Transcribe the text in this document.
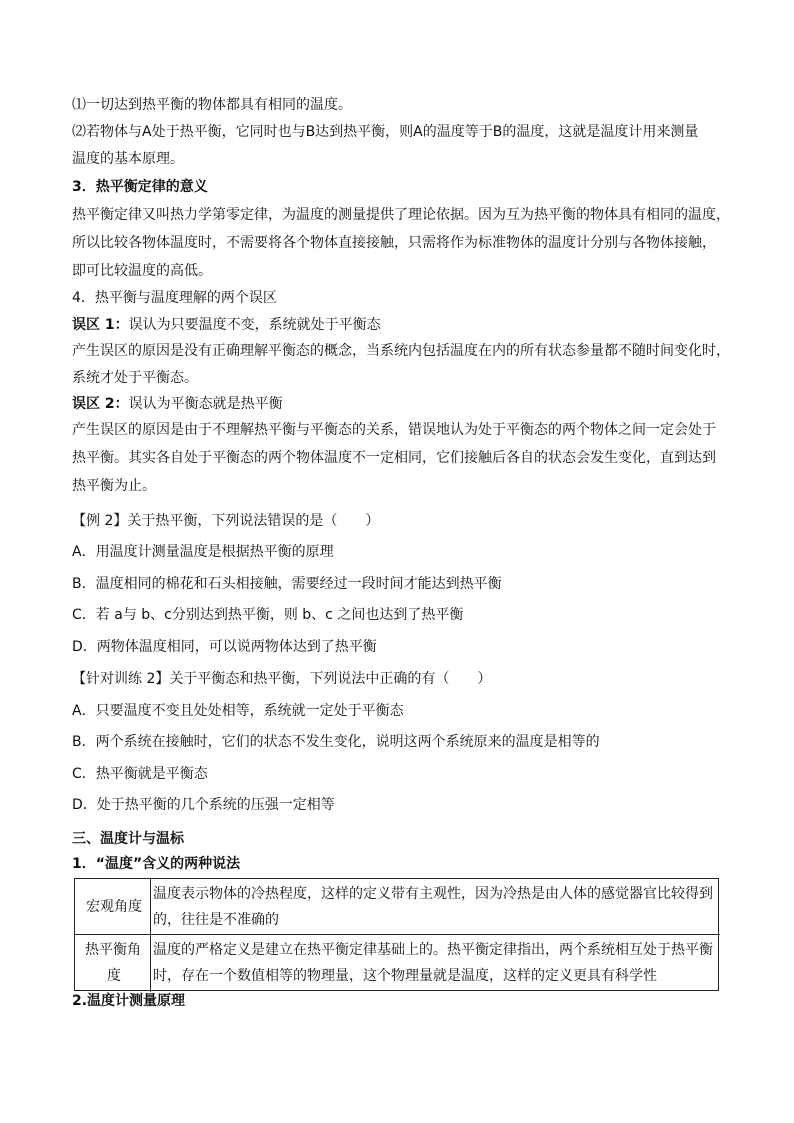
⑴一切达到热平衡的物体都具有相同的温度。
⑵若物体与A处于热平衡，它同时也与B达到热平衡，则A的温度等于B的温度，这就是温度计用来测量
温度的基本原理。
3．热平衡定律的意义
热平衡定律又叫热力学第零定律，为温度的测量提供了理论依据。因为互为热平衡的物体具有相同的温度，
所以比较各物体温度时，不需要将各个物体直接接触，只需将作为标准物体的温度计分别与各物体接触，
即可比较温度的高低。
4．热平衡与温度理解的两个误区
误区 1：误认为只要温度不变，系统就处于平衡态
产生误区的原因是没有正确理解平衡态的概念，当系统内包括温度在内的所有状态参量都不随时间变化时，
系统才处于平衡态。
误区 2：误认为平衡态就是热平衡
产生误区的原因是由于不理解热平衡与平衡态的关系，错误地认为处于平衡态的两个物体之间一定会处于
热平衡。其实各自处于平衡态的两个物体温度不一定相同，它们接触后各自的状态会发生变化，直到达到
热平衡为止。
【例 2】关于热平衡，下列说法错误的是（　　）
A．用温度计测量温度是根据热平衡的原理
B．温度相同的棉花和石头相接触，需要经过一段时间才能达到热平衡
C．若 a与 b、c分别达到热平衡，则 b、c 之间也达到了热平衡
D．两物体温度相同，可以说两物体达到了热平衡
【针对训练 2】关于平衡态和热平衡，下列说法中正确的有（　　）
A．只要温度不变且处处相等，系统就一定处于平衡态
B．两个系统在接触时，它们的状态不发生变化，说明这两个系统原来的温度是相等的
C．热平衡就是平衡态
D．处于热平衡的几个系统的压强一定相等
三、温度计与温标
1．“温度”含义的两种说法
宏观角度
温度表示物体的冷热程度，这样的定义带有主观性，因为冷热是由人体的感觉器官比较得到
的，往往是不准确的
热平衡角
度
温度的严格定义是建立在热平衡定律基础上的。热平衡定律指出，两个系统相互处于热平衡
时，存在一个数值相等的物理量，这个物理量就是温度，这样的定义更具有科学性
2.温度计测量原理
